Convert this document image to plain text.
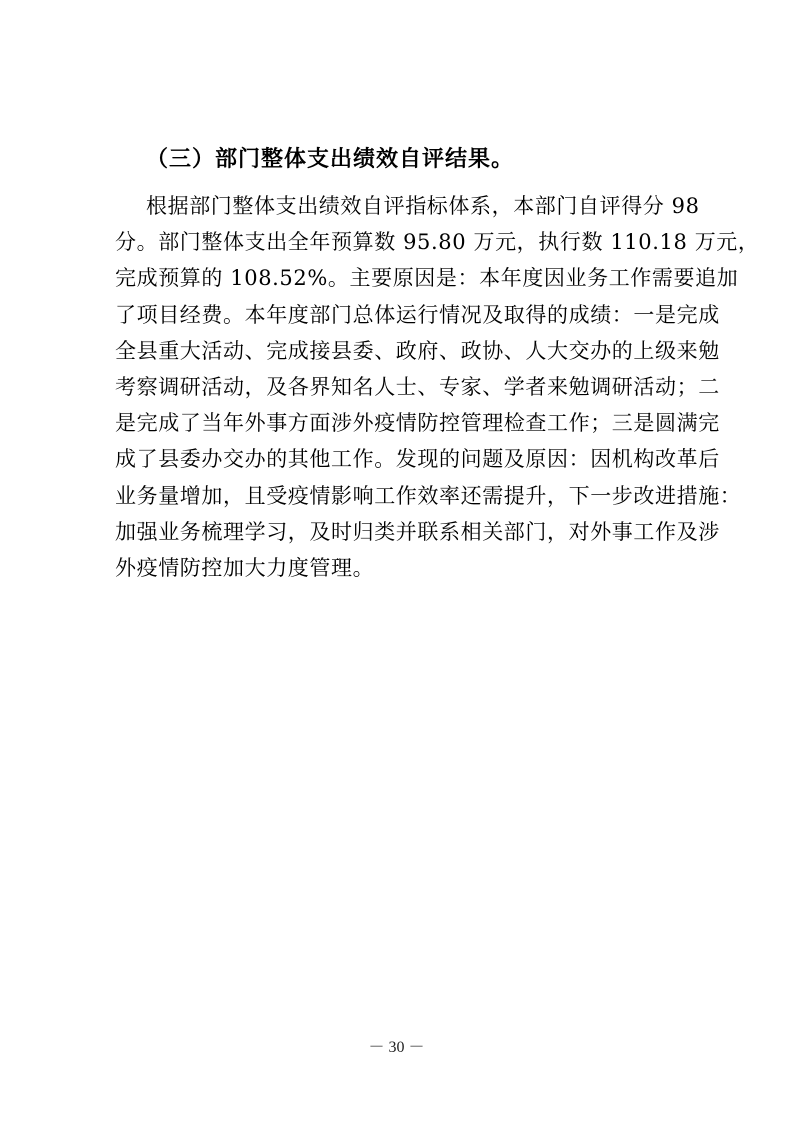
（三）部门整体支出绩效自评结果。
根据部门整体支出绩效自评指标体系，本部门自评得分 98
分。部门整体支出全年预算数 95.80 万元，执行数 110.18 万元，
完成预算的 108.52%。主要原因是：本年度因业务工作需要追加
了项目经费。本年度部门总体运行情况及取得的成绩：一是完成
全县重大活动、完成接县委、政府、政协、人大交办的上级来勉
考察调研活动，及各界知名人士、专家、学者来勉调研活动；二
是完成了当年外事方面涉外疫情防控管理检查工作；三是圆满完
成了县委办交办的其他工作。发现的问题及原因：因机构改革后
业务量增加，且受疫情影响工作效率还需提升，下一步改进措施：
加强业务梳理学习，及时归类并联系相关部门，对外事工作及涉
外疫情防控加大力度管理。
－ 30 －
